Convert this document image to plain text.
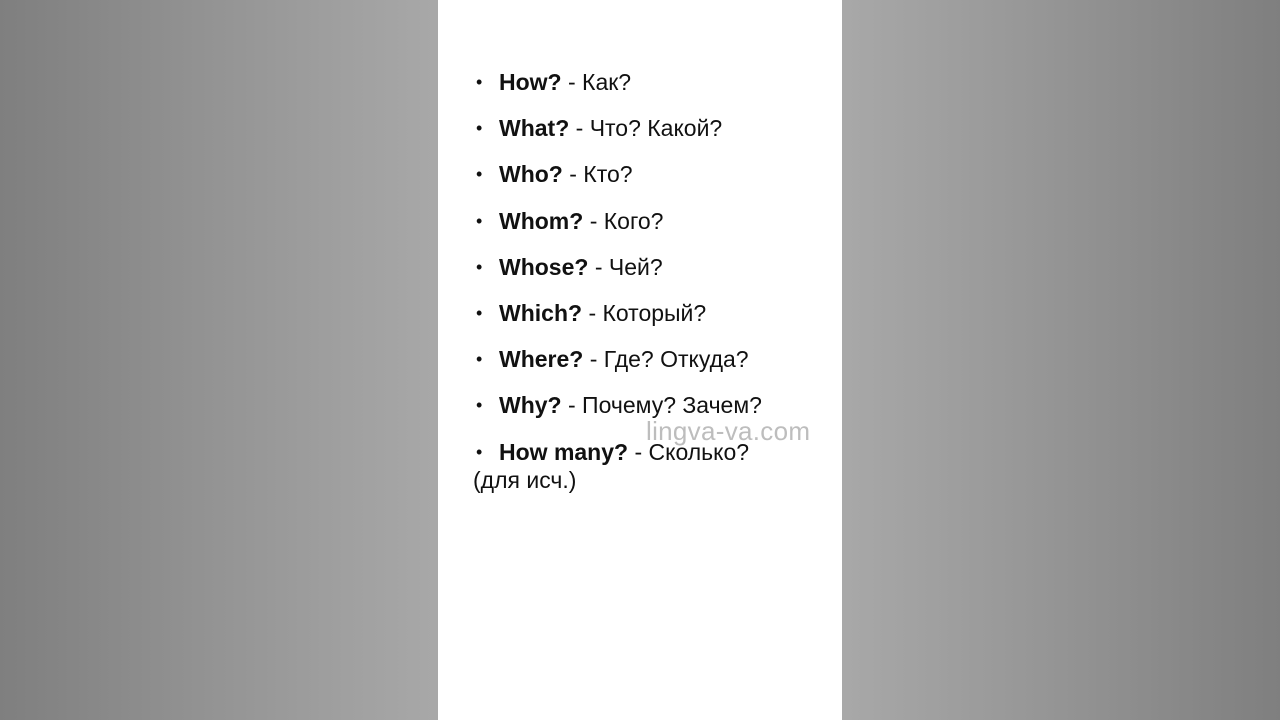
• How? - Как?
• What? - Что? Какой?
• Who? - Кто?
• Whom? - Кого?
• Whose? - Чей?
• Which? - Который?
• Where? - Где? Откуда?
• Why? - Почему? Зачем?
• How many? - Сколько?
(для исч.)
lingva-va.com
